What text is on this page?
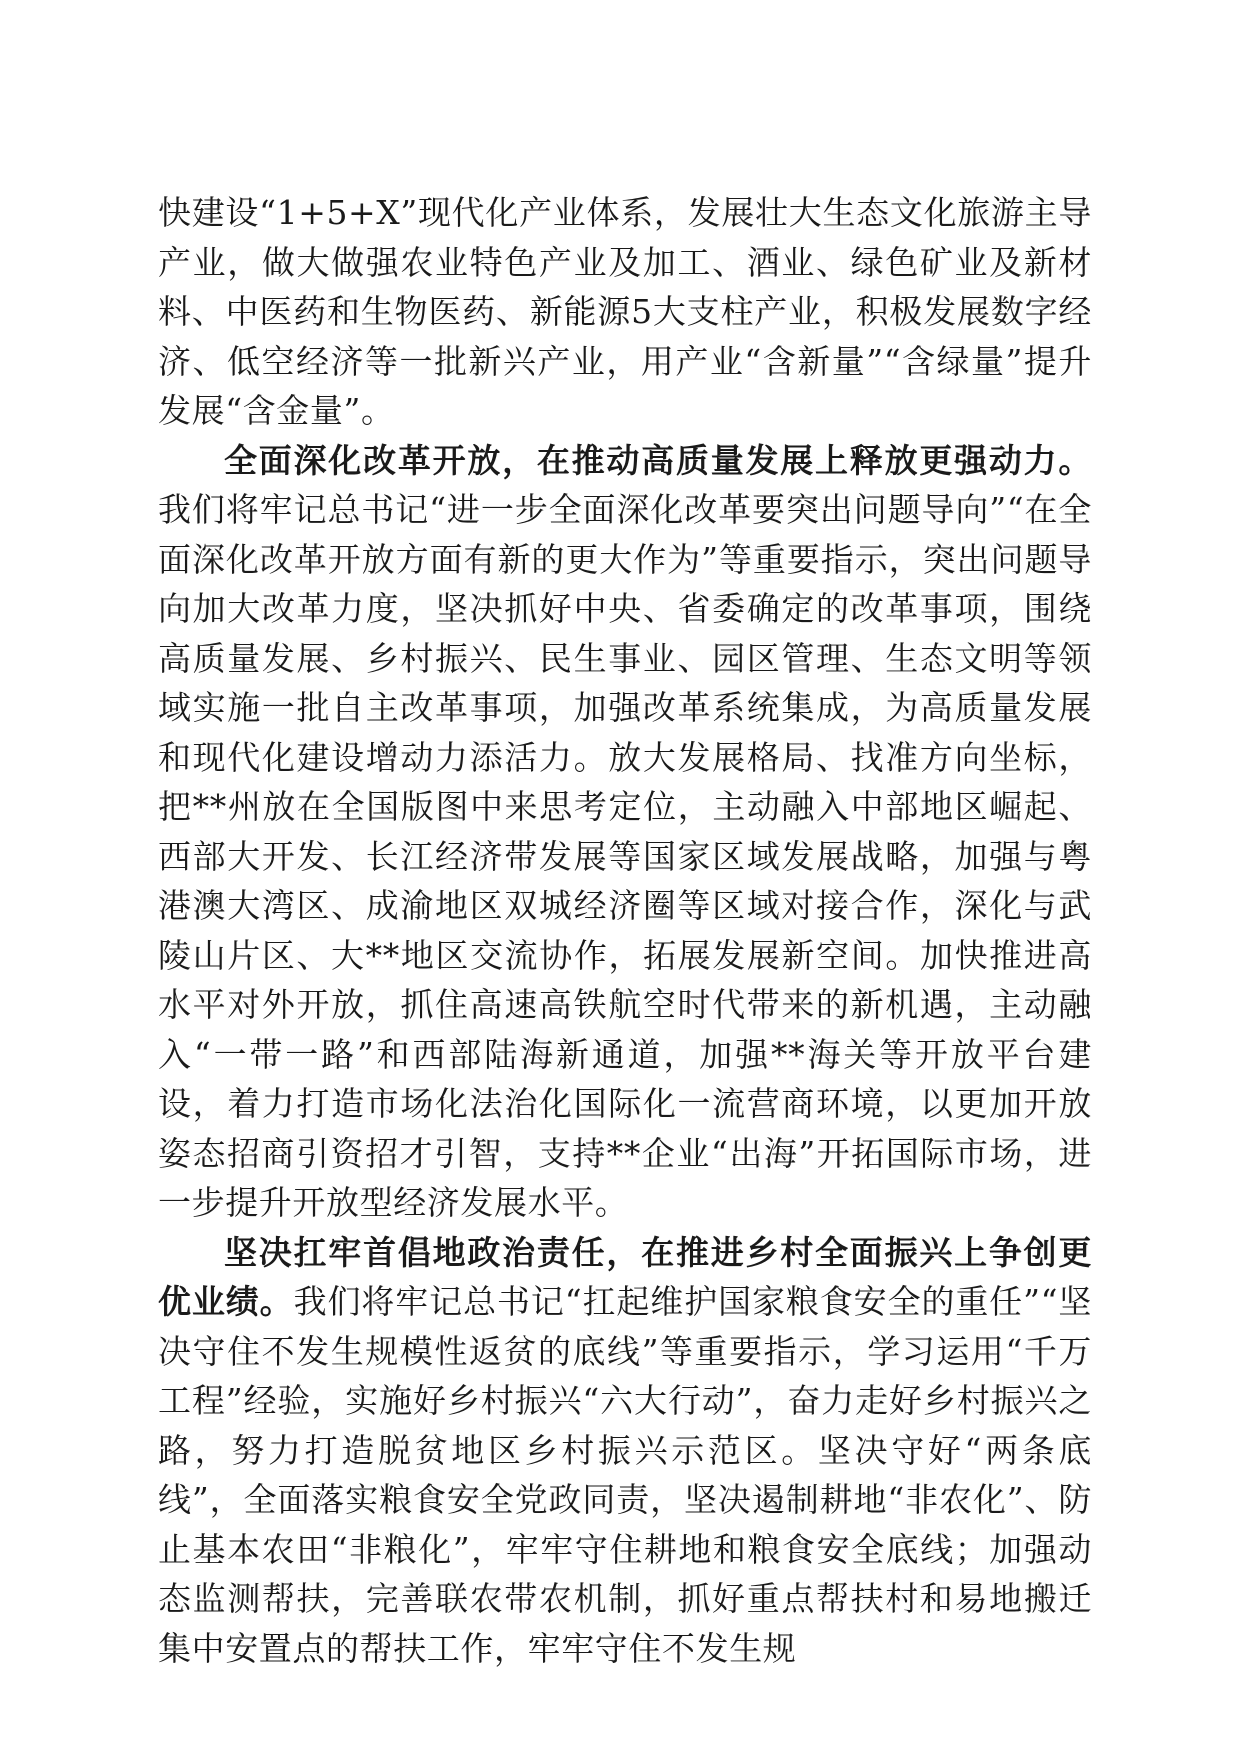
快建设“1+5+X”现代化产业体系，发展壮大生态文化旅游主导产业，做大做强农业特色产业及加工、酒业、绿色矿业及新材料、中医药和生物医药、新能源5大支柱产业，积极发展数字经济、低空经济等一批新兴产业，用产业“含新量”“含绿量”提升发展“含金量”。

全面深化改革开放，在推动高质量发展上释放更强动力。我们将牢记总书记“进一步全面深化改革要突出问题导向”“在全面深化改革开放方面有新的更大作为”等重要指示，突出问题导向加大改革力度，坚决抓好中央、省委确定的改革事项，围绕高质量发展、乡村振兴、民生事业、园区管理、生态文明等领域实施一批自主改革事项，加强改革系统集成，为高质量发展和现代化建设增动力添活力。放大发展格局、找准方向坐标，把**州放在全国版图中来思考定位，主动融入中部地区崛起、西部大开发、长江经济带发展等国家区域发展战略，加强与粤港澳大湾区、成渝地区双城经济圈等区域对接合作，深化与武陵山片区、大**地区交流协作，拓展发展新空间。加快推进高水平对外开放，抓住高速高铁航空时代带来的新机遇，主动融入“一带一路”和西部陆海新通道，加强**海关等开放平台建设，着力打造市场化法治化国际化一流营商环境，以更加开放姿态招商引资招才引智，支持**企业“出海”开拓国际市场，进一步提升开放型经济发展水平。

坚决扛牢首倡地政治责任，在推进乡村全面振兴上争创更优业绩。我们将牢记总书记“扛起维护国家粮食安全的重任”“坚决守住不发生规模性返贫的底线”等重要指示，学习运用“千万工程”经验，实施好乡村振兴“六大行动”，奋力走好乡村振兴之路，努力打造脱贫地区乡村振兴示范区。坚决守好“两条底线”，全面落实粮食安全党政同责，坚决遏制耕地“非农化”、防止基本农田“非粮化”，牢牢守住耕地和粮食安全底线；加强动态监测帮扶，完善联农带农机制，抓好重点帮扶村和易地搬迁集中安置点的帮扶工作，牢牢守住不发生规
